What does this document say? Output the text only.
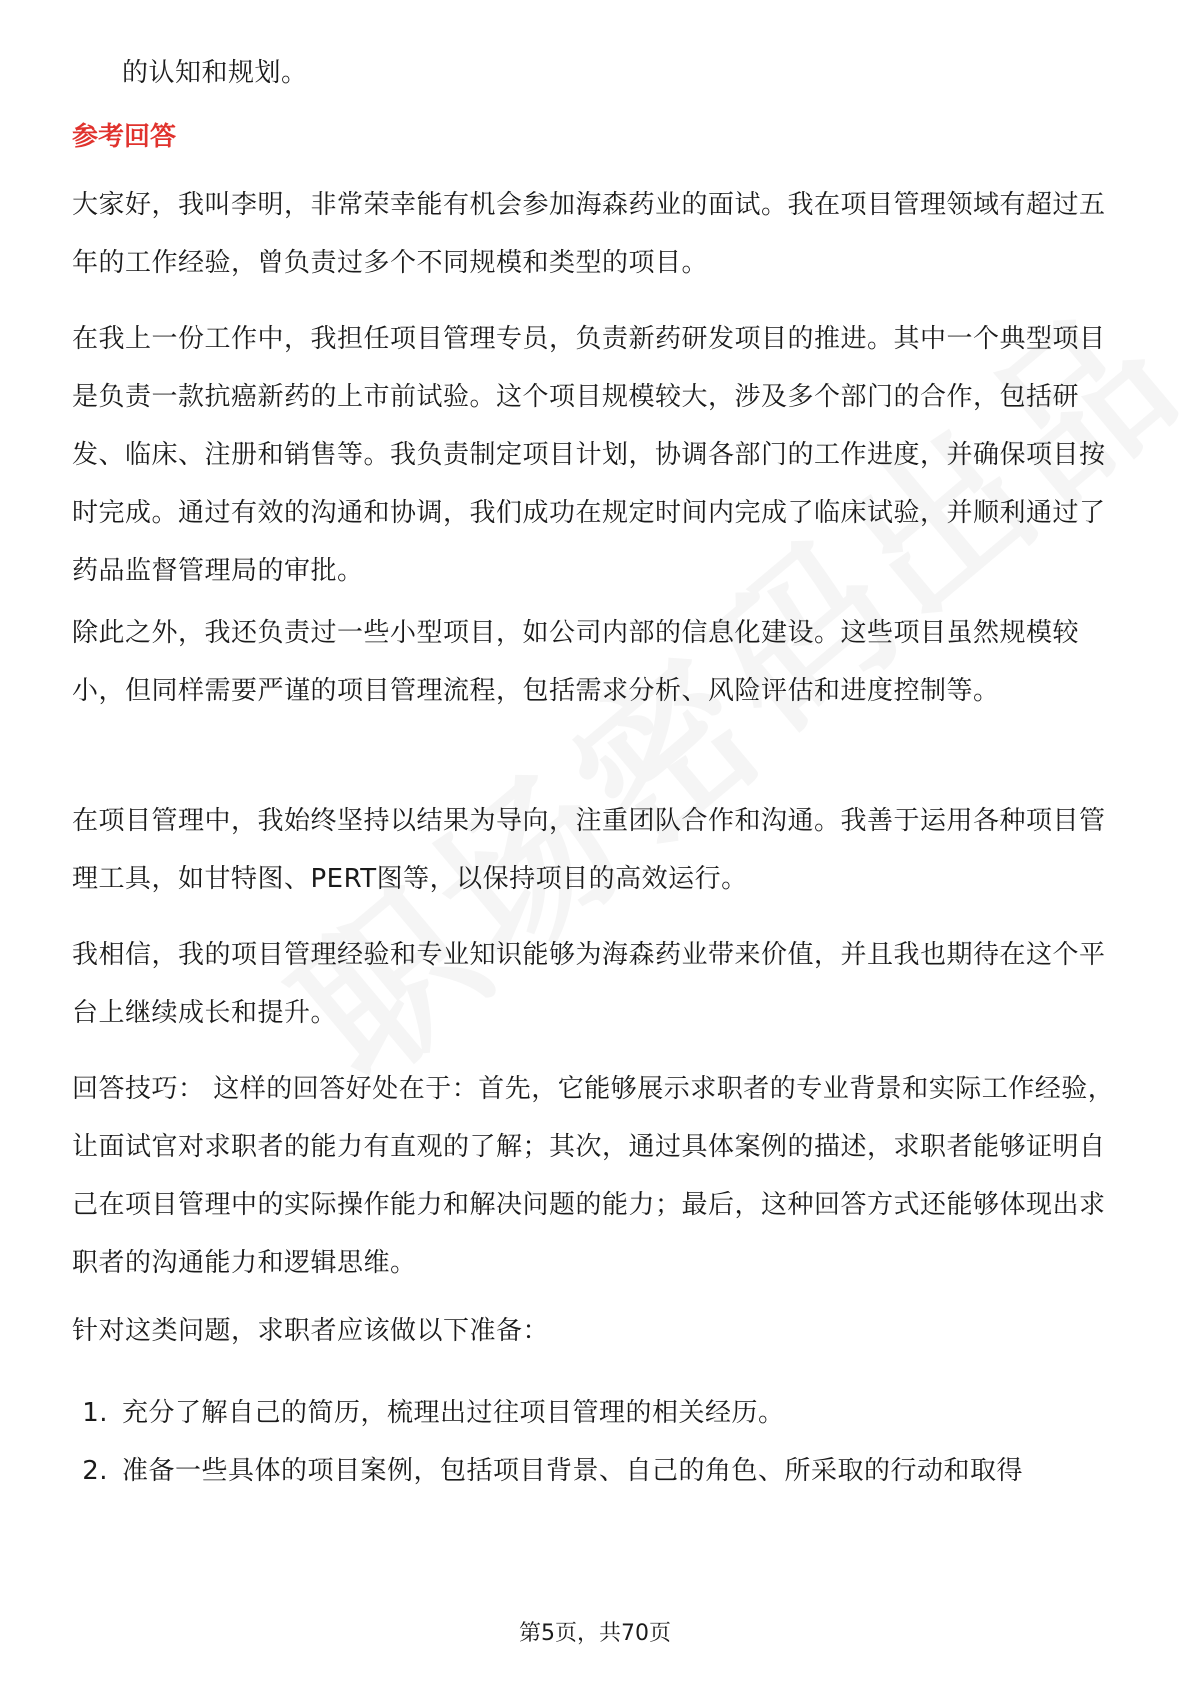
的认知和规划。

参考回答

大家好，我叫李明，非常荣幸能有机会参加海森药业的面试。我在项目管理领域有超过五年的工作经验，曾负责过多个不同规模和类型的项目。

在我上一份工作中，我担任项目管理专员，负责新药研发项目的推进。其中一个典型项目是负责一款抗癌新药的上市前试验。这个项目规模较大，涉及多个部门的合作，包括研发、临床、注册和销售等。我负责制定项目计划，协调各部门的工作进度，并确保项目按时完成。通过有效的沟通和协调，我们成功在规定时间内完成了临床试验，并顺利通过了药品监督管理局的审批。

除此之外，我还负责过一些小型项目，如公司内部的信息化建设。这些项目虽然规模较小，但同样需要严谨的项目管理流程，包括需求分析、风险评估和进度控制等。

在项目管理中，我始终坚持以结果为导向，注重团队合作和沟通。我善于运用各种项目管理工具，如甘特图、PERT图等，以保持项目的高效运行。

我相信，我的项目管理经验和专业知识能够为海森药业带来价值，并且我也期待在这个平台上继续成长和提升。

回答技巧： 这样的回答好处在于：首先，它能够展示求职者的专业背景和实际工作经验，让面试官对求职者的能力有直观的了解；其次，通过具体案例的描述，求职者能够证明自己在项目管理中的实际操作能力和解决问题的能力；最后，这种回答方式还能够体现出求职者的沟通能力和逻辑思维。

针对这类问题，求职者应该做以下准备：

1. 充分了解自己的简历，梳理出过往项目管理的相关经历。
2. 准备一些具体的项目案例，包括项目背景、自己的角色、所采取的行动和取得
第5页，共70页
